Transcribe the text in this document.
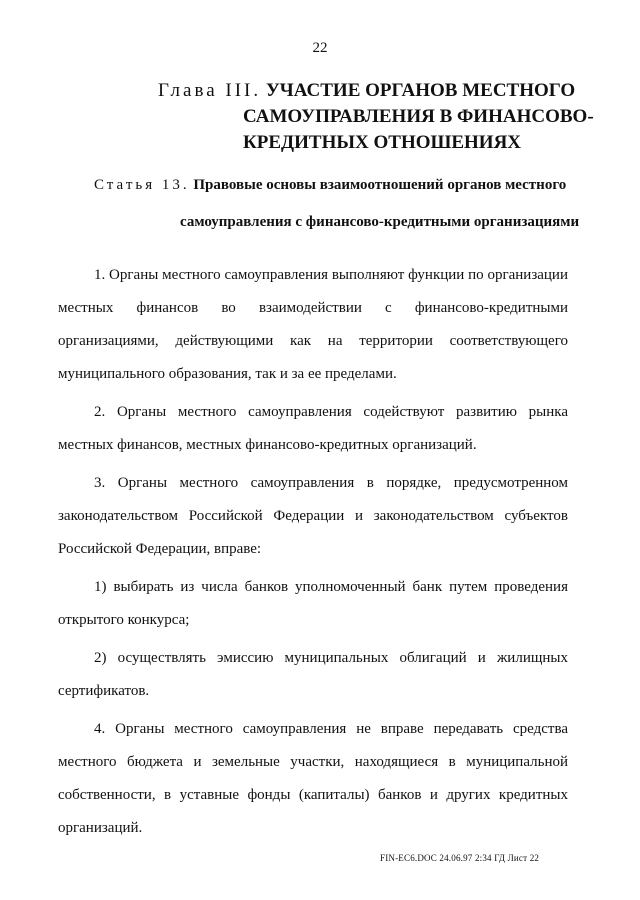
22
Глава III. УЧАСТИЕ ОРГАНОВ МЕСТНОГО
САМОУПРАВЛЕНИЯ В ФИНАНСОВО-
КРЕДИТНЫХ ОТНОШЕНИЯХ
Статья 13. Правовые основы взаимоотношений органов местного
самоуправления с финансово-кредитными организациями

1. Органы местного самоуправления выполняют функции по организации местных финансов во взаимодействии с финансово-кредитными организациями, действующими как на территории соответствующего муниципального образования, так и за ее пределами.

2. Органы местного самоуправления содействуют развитию рынка местных финансов, местных финансово-кредитных организаций.

3. Органы местного самоуправления в порядке, предусмотренном законодательством Российской Федерации и законодательством субъектов Российской Федерации, вправе:

1) выбирать из числа банков уполномоченный банк путем проведения открытого конкурса;

2) осуществлять эмиссию муниципальных облигаций и жилищных сертификатов.

4. Органы местного самоуправления не вправе передавать средства местного бюджета и земельные участки, находящиеся в муниципальной собственности, в уставные фонды (капиталы) банков и других кредитных организаций.

FIN-EC6.DOC 24.06.97 2:34 ГД Лист 22
